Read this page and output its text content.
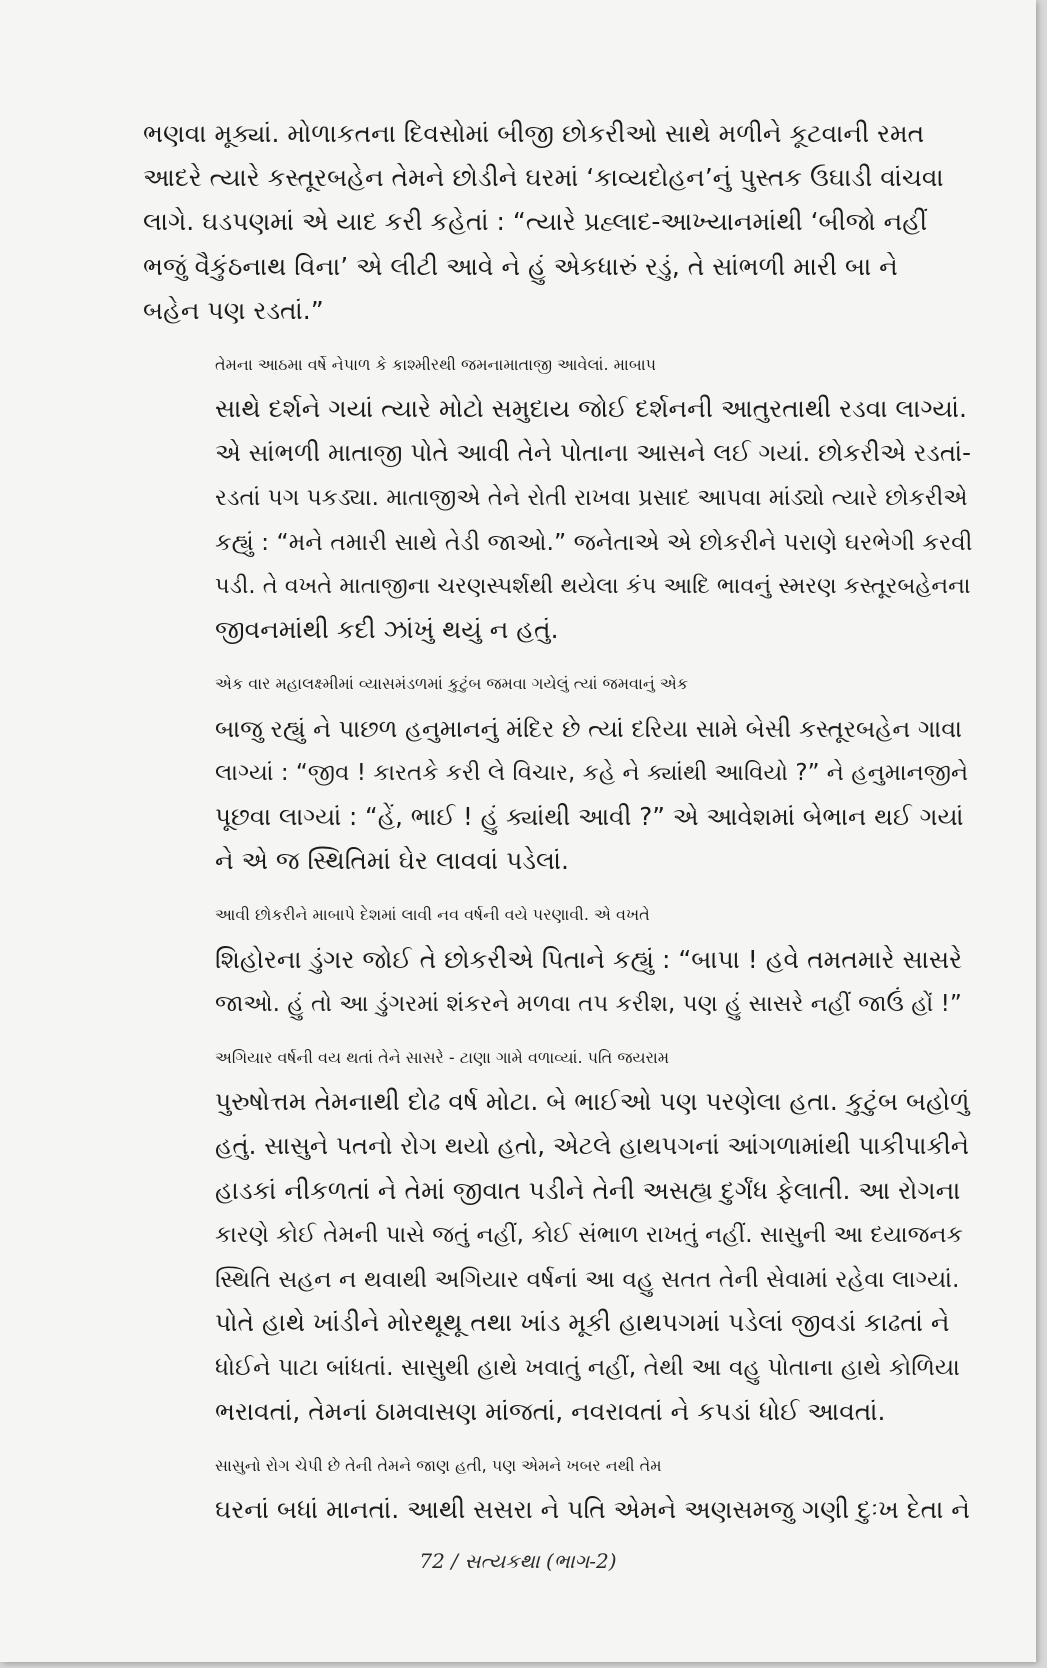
ભણવા મૂક્યાં. મોળાકતના દિવસોમાં બીજી છોકરીઓ સાથે મળીને કૂટવાની રમત
આદરે ત્યારે કસ્તૂરબહેન તેમને છોડીને ઘરમાં ‘કાવ્યદોહન’નું પુસ્તક ઉઘાડી વાંચવા
લાગે. ઘડપણમાં એ યાદ કરી કહેતાં : “ત્યારે પ્રહ્લાદ-આખ્યાનમાંથી ‘બીજો નહીં
ભજું વૈકુંઠનાથ વિના’ એ લીટી આવે ને હું એકધારું રડું, તે સાંભળી મારી બા ને
બહેન પણ રડતાં.”

તેમના આઠમા વર્ષે નેપાળ કે કાશ્મીરથી જમનામાતાજી આવેલાં. માબાપ
સાથે દર્શને ગયાં ત્યારે મોટો સમુદાય જોઈ દર્શનની આતુરતાથી રડવા લાગ્યાં.
એ સાંભળી માતાજી પોતે આવી તેને પોતાના આસને લઈ ગયાં. છોકરીએ રડતાં-
રડતાં પગ પકડ્યા. માતાજીએ તેને રોતી રાખવા પ્રસાદ આપવા માંડ્યો ત્યારે છોકરીએ
કહ્યું : “મને તમારી સાથે તેડી જાઓ.” જનેતાએ એ છોકરીને પરાણે ઘરભેગી કરવી
પડી. તે વખતે માતાજીના ચરણસ્પર્શથી થયેલા કંપ આદિ ભાવનું સ્મરણ કસ્તૂરબહેનના
જીવનમાંથી કદી ઝાંખું થયું ન હતું.

એક વાર મહાલક્ષ્મીમાં વ્યાસમંડળમાં કુટુંબ જમવા ગયેલું ત્યાં જમવાનું એક
બાજુ રહ્યું ને પાછળ હનુમાનનું મંદિર છે ત્યાં દરિયા સામે બેસી કસ્તૂરબહેન ગાવા
લાગ્યાં : “જીવ ! કારતકે કરી લે વિચાર, કહે ને ક્યાંથી આવિયો ?” ને હનુમાનજીને
પૂછવા લાગ્યાં : “હેં, ભાઈ ! હું ક્યાંથી આવી ?” એ આવેશમાં બેભાન થઈ ગયાં
ને એ જ સ્થિતિમાં ઘેર લાવવાં પડેલાં.

આવી છોકરીને માબાપે દેશમાં લાવી નવ વર્ષની વયે પરણાવી. એ વખતે
શિહોરના ડુંગર જોઈ તે છોકરીએ પિતાને કહ્યું : “બાપા ! હવે તમતમારે સાસરે
જાઓ. હું તો આ ડુંગરમાં શંકરને મળવા તપ કરીશ, પણ હું સાસરે નહીં જાઉં હોં !”

અગિયાર વર્ષની વય થતાં તેને સાસરે - ટાણા ગામે વળાવ્યાં. પતિ જયરામ
પુરુષોત્તમ તેમનાથી દોઢ વર્ષ મોટા. બે ભાઈઓ પણ પરણેલા હતા. કુટુંબ બહોળું
હતું. સાસુને પતનો રોગ થયો હતો, એટલે હાથપગનાં આંગળામાંથી પાકીપાકીને
હાડકાં નીકળતાં ને તેમાં જીવાત પડીને તેની અસહ્ય દુર્ગંધ ફેલાતી. આ રોગના
કારણે કોઈ તેમની પાસે જતું નહીં, કોઈ સંભાળ રાખતું નહીં. સાસુની આ દયાજનક
સ્થિતિ સહન ન થવાથી અગિયાર વર્ષનાં આ વહુ સતત તેની સેવામાં રહેવા લાગ્યાં.
પોતે હાથે ખાંડીને મોરથૂથૂ તથા ખાંડ મૂકી હાથપગમાં પડેલાં જીવડાં કાઢતાં ને
ધોઈને પાટા બાંધતાં. સાસુથી હાથે ખવાતું નહીં, તેથી આ વહુ પોતાના હાથે કોળિયા
ભરાવતાં, તેમનાં ઠામવાસણ માંજતાં, નવરાવતાં ને કપડાં ધોઈ આવતાં.

સાસુનો રોગ ચેપી છે તેની તેમને જાણ હતી, પણ એમને ખબર નથી તેમ
ઘરનાં બધાં માનતાં. આથી સસરા ને પતિ એમને અણસમજુ ગણી દુઃખ દેતા ને

72 / સત્યકથા (ભાગ-2)
